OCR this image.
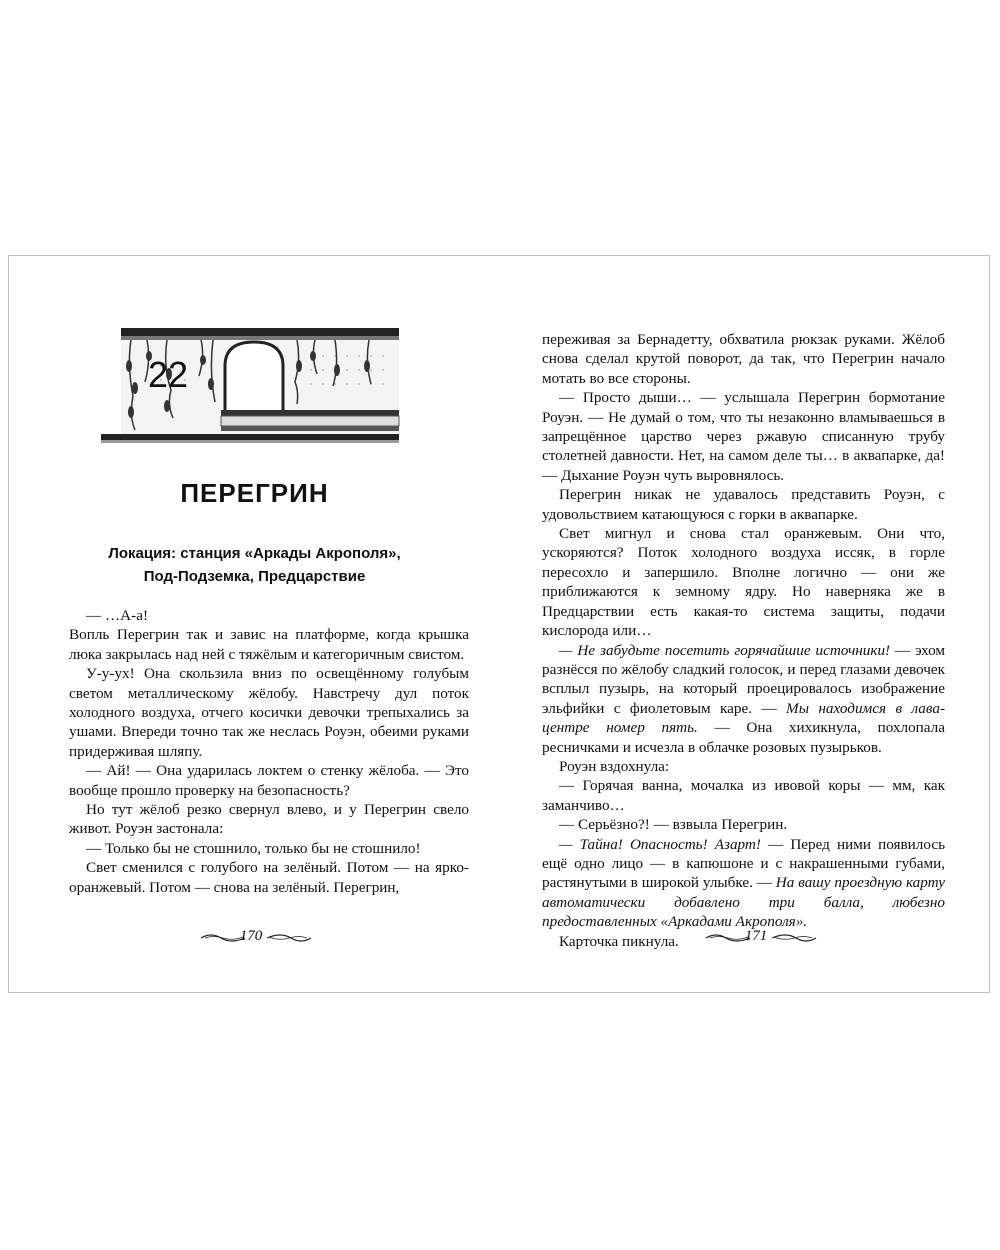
22
ПЕРЕГРИН
Локация: станция «Аркады Акрополя»,
Под-Подземка, Предцарствие

— …А-а!

Вопль Перегрин так и завис на платформе, когда крышка люка закрылась над ней с тяжёлым и категоричным свистом.

У-у-ух! Она скользила вниз по освещённому голубым светом металлическому жёлобу. Навстречу дул поток холодного воздуха, отчего косички девочки трепыхались за ушами. Впереди точно так же неслась Роуэн, обеими руками придерживая шляпу.

— Ай! — Она ударилась локтем о стенку жёлоба. — Это вообще прошло проверку на безопасность?

Но тут жёлоб резко свернул влево, и у Перегрин свело живот. Роуэн застонала:

— Только бы не стошнило, только бы не стошнило!

Свет сменился с голубого на зелёный. Потом — на ярко-оранжевый. Потом — снова на зелёный. Перегрин,

170

переживая за Бернадетту, обхватила рюкзак руками. Жёлоб снова сделал крутой поворот, да так, что Перегрин начало мотать во все стороны.

— Просто дыши… — услышала Перегрин бормотание Роуэн. — Не думай о том, что ты незаконно вламываешься в запрещённое царство через ржавую списанную трубу столетней давности. Нет, на самом деле ты… в аквапарке, да! — Дыхание Роуэн чуть выровнялось.

Перегрин никак не удавалось представить Роуэн, с удовольствием катающуюся с горки в аквапарке.

Свет мигнул и снова стал оранжевым. Они что, ускоряются? Поток холодного воздуха иссяк, в горле пересохло и запершило. Вполне логично — они же приближаются к земному ядру. Но наверняка же в Предцарствии есть какая-то система защиты, подачи кислорода или…

— Не забудьте посетить горячайшие источники! — эхом разнёсся по жёлобу сладкий голосок, и перед глазами девочек всплыл пузырь, на который проецировалось изображение эльфийки с фиолетовым каре. — Мы находимся в лава-центре номер пять. — Она хихикнула, похлопала ресничками и исчезла в облачке розовых пузырьков.

Роуэн вздохнула:

— Горячая ванна, мочалка из ивовой коры — мм, как заманчиво…

— Серьёзно?! — взвыла Перегрин.

— Тайна! Опасность! Азарт! — Перед ними появилось ещё одно лицо — в капюшоне и с накрашенными губами, растянутыми в широкой улыбке. — На вашу проездную карту автоматически добавлено три балла, любезно предоставленных «Аркадами Акрополя».

Карточка пикнула.	171
